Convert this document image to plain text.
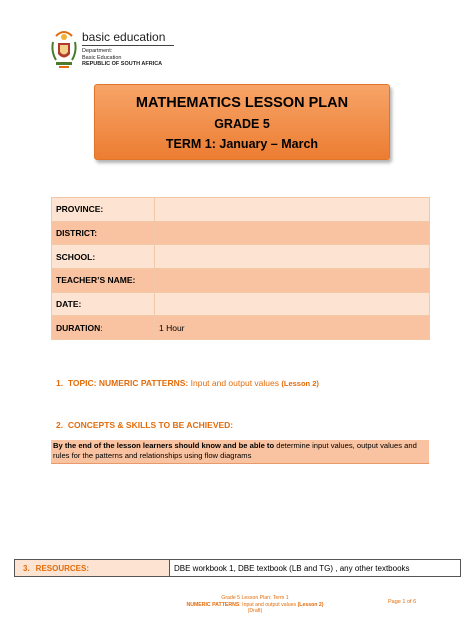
basic education
Department:
Basic Education
REPUBLIC OF SOUTH AFRICA
MATHEMATICS LESSON PLAN
GRADE 5
TERM 1: January – March
PROVINCE:	
DISTRICT:	
SCHOOL:	
TEACHER’S NAME:	
DATE:	
DURATION:	1 Hour
1. TOPIC: NUMERIC PATTERNS: Input and output values (Lesson 2)
2. CONCEPTS & SKILLS TO BE ACHIEVED:
By the end of the lesson learners should know and be able to determine input values, output values and rules for the patterns and relationships using flow diagrams
3. RESOURCES:	DBE workbook 1, DBE textbook (LB and TG) , any other textbooks
Grade 5 Lesson Plan: Term 1
NUMERIC PATTERNS: Input and output values (Lesson 2)
(Draft)
Page 1 of 6
